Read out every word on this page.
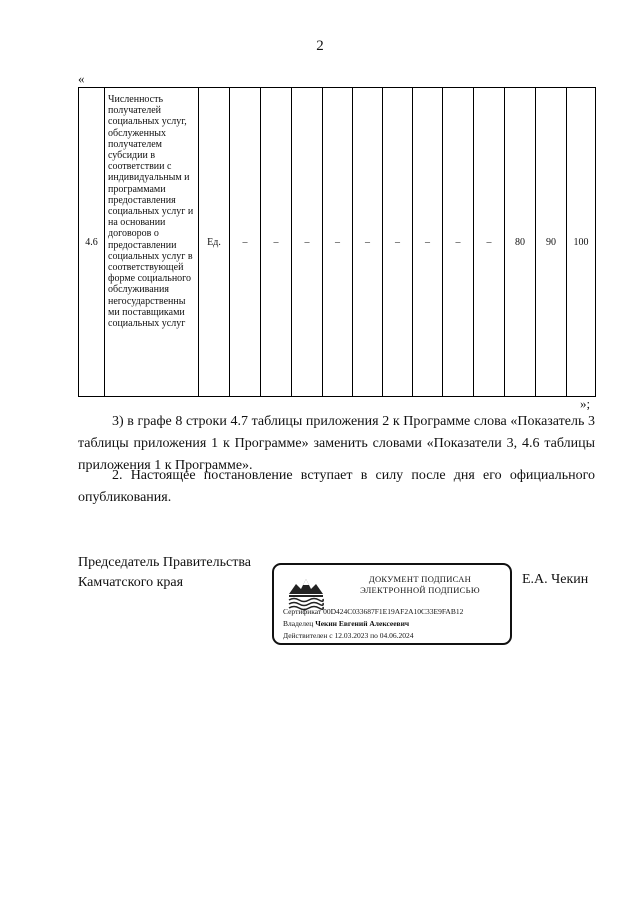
2
«
4.6	Численность получателей социальных услуг, обслуженных получателем субсидии в соответствии с индивидуальным и программами предоставления социальных услуг и на основании договоров о предоставлении социальных услуг в соответствующей форме социального обслуживания негосударственны ми поставщиками социальных услуг	Ед.	–	–	–	–	–	–	–	–	–	80	90	100
»;
3) в графе 8 строки 4.7 таблицы приложения 2 к Программе слова «Показатель 3 таблицы приложения 1 к Программе» заменить словами «Показатели 3, 4.6 таблицы приложения 1 к Программе».
2. Настоящее постановление вступает в силу после дня его официального опубликования.
Председатель Правительства
Камчатского края	ДОКУМЕНТ ПОДПИСАН
ЭЛЕКТРОННОЙ ПОДПИСЬЮ
Сертификат 00D424C033687F1E19AF2A10C33E9FAB12
Владелец Чекин Евгений Алексеевич
Действителен с 12.03.2023 по 04.06.2024
Е.А. Чекин
